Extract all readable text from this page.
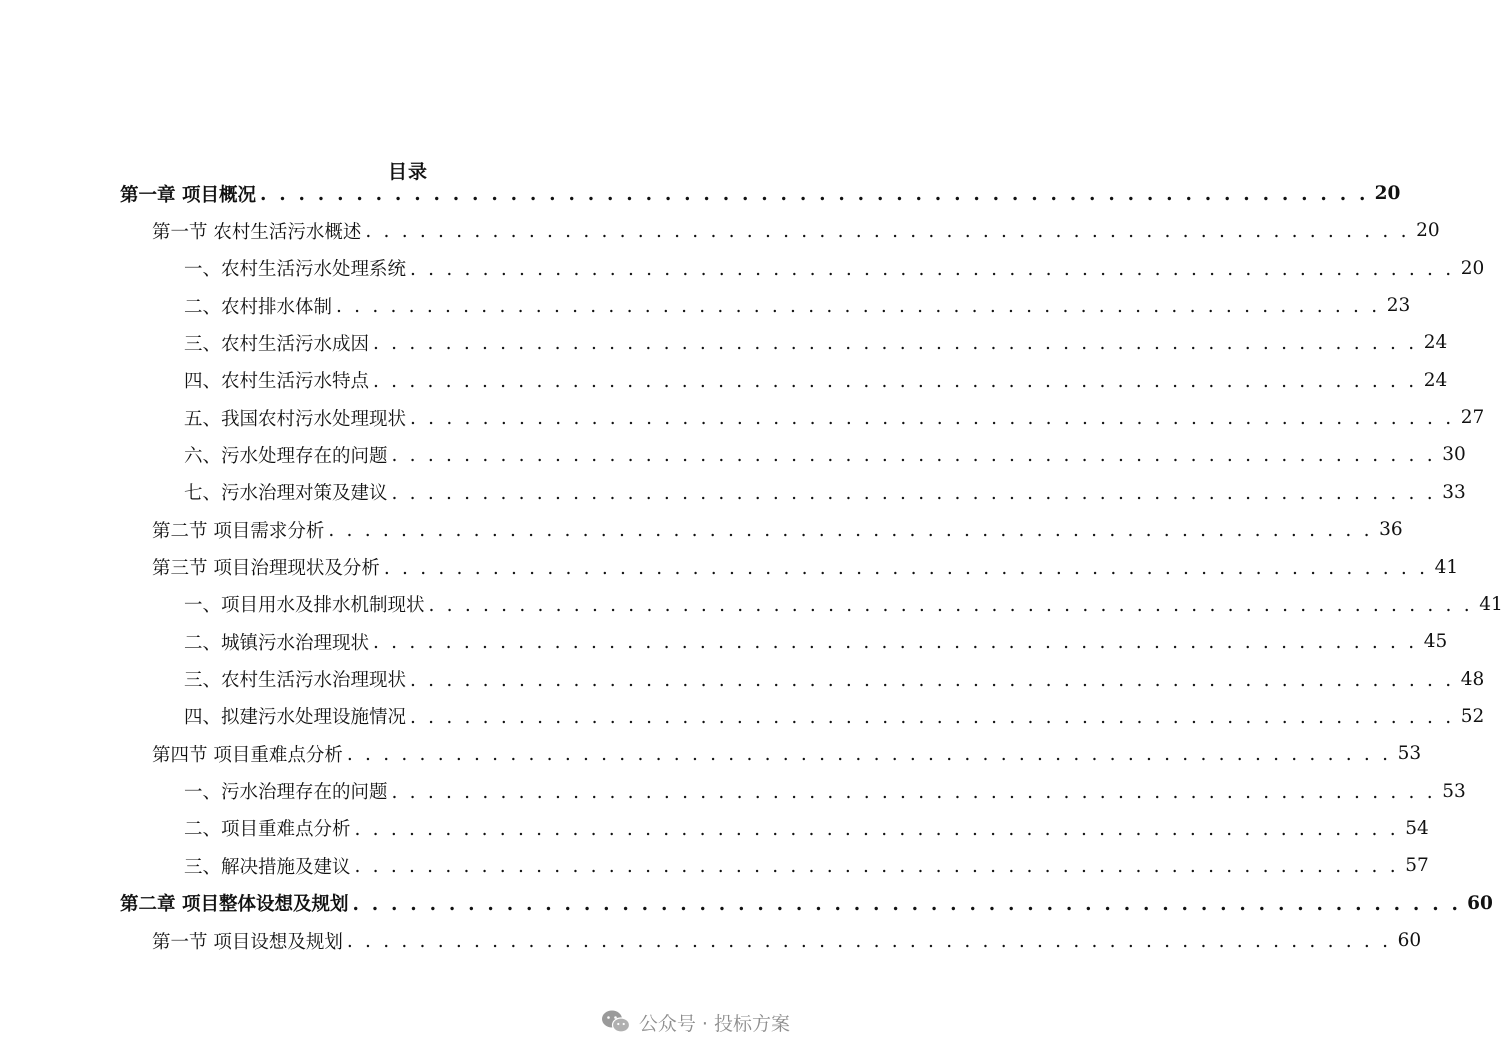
目录
第一章 项目概况 . . . . . . . . . . . . . . . . . . . . . . . . . . . . . . . . . . . . . . . . . . . . . . . . . . . . . . . . . . 20
第一节 农村生活污水概述 . . . . . . . . . . . . . . . . . . . . . . . . . . . . . . . . . . . . . . . . . . . . . . . . . . . . . . . . . . 20
一、农村生活污水处理系统 . . . . . . . . . . . . . . . . . . . . . . . . . . . . . . . . . . . . . . . . . . . . . . . . . . . . . . . . . . 20
二、农村排水体制 . . . . . . . . . . . . . . . . . . . . . . . . . . . . . . . . . . . . . . . . . . . . . . . . . . . . . . . . . . 23
三、农村生活污水成因 . . . . . . . . . . . . . . . . . . . . . . . . . . . . . . . . . . . . . . . . . . . . . . . . . . . . . . . . . . 24
四、农村生活污水特点 . . . . . . . . . . . . . . . . . . . . . . . . . . . . . . . . . . . . . . . . . . . . . . . . . . . . . . . . . . 24
五、我国农村污水处理现状 . . . . . . . . . . . . . . . . . . . . . . . . . . . . . . . . . . . . . . . . . . . . . . . . . . . . . . . . . . 27
六、污水处理存在的问题 . . . . . . . . . . . . . . . . . . . . . . . . . . . . . . . . . . . . . . . . . . . . . . . . . . . . . . . . . . 30
七、污水治理对策及建议 . . . . . . . . . . . . . . . . . . . . . . . . . . . . . . . . . . . . . . . . . . . . . . . . . . . . . . . . . . 33
第二节 项目需求分析 . . . . . . . . . . . . . . . . . . . . . . . . . . . . . . . . . . . . . . . . . . . . . . . . . . . . . . . . . . 36
第三节 项目治理现状及分析 . . . . . . . . . . . . . . . . . . . . . . . . . . . . . . . . . . . . . . . . . . . . . . . . . . . . . . . . . . 41
一、项目用水及排水机制现状 . . . . . . . . . . . . . . . . . . . . . . . . . . . . . . . . . . . . . . . . . . . . . . . . . . . . . . . . . . 41
二、城镇污水治理现状 . . . . . . . . . . . . . . . . . . . . . . . . . . . . . . . . . . . . . . . . . . . . . . . . . . . . . . . . . . 45
三、农村生活污水治理现状 . . . . . . . . . . . . . . . . . . . . . . . . . . . . . . . . . . . . . . . . . . . . . . . . . . . . . . . . . . 48
四、拟建污水处理设施情况 . . . . . . . . . . . . . . . . . . . . . . . . . . . . . . . . . . . . . . . . . . . . . . . . . . . . . . . . . . 52
第四节 项目重难点分析 . . . . . . . . . . . . . . . . . . . . . . . . . . . . . . . . . . . . . . . . . . . . . . . . . . . . . . . . . . 53
一、污水治理存在的问题 . . . . . . . . . . . . . . . . . . . . . . . . . . . . . . . . . . . . . . . . . . . . . . . . . . . . . . . . . . 53
二、项目重难点分析 . . . . . . . . . . . . . . . . . . . . . . . . . . . . . . . . . . . . . . . . . . . . . . . . . . . . . . . . . . 54
三、解决措施及建议 . . . . . . . . . . . . . . . . . . . . . . . . . . . . . . . . . . . . . . . . . . . . . . . . . . . . . . . . . . 57
第二章 项目整体设想及规划 . . . . . . . . . . . . . . . . . . . . . . . . . . . . . . . . . . . . . . . . . . . . . . . . . . . . . . . . . . 60
第一节 项目设想及规划 . . . . . . . . . . . . . . . . . . . . . . . . . . . . . . . . . . . . . . . . . . . . . . . . . . . . . . . . . . 60
公众号 · 投标方案
